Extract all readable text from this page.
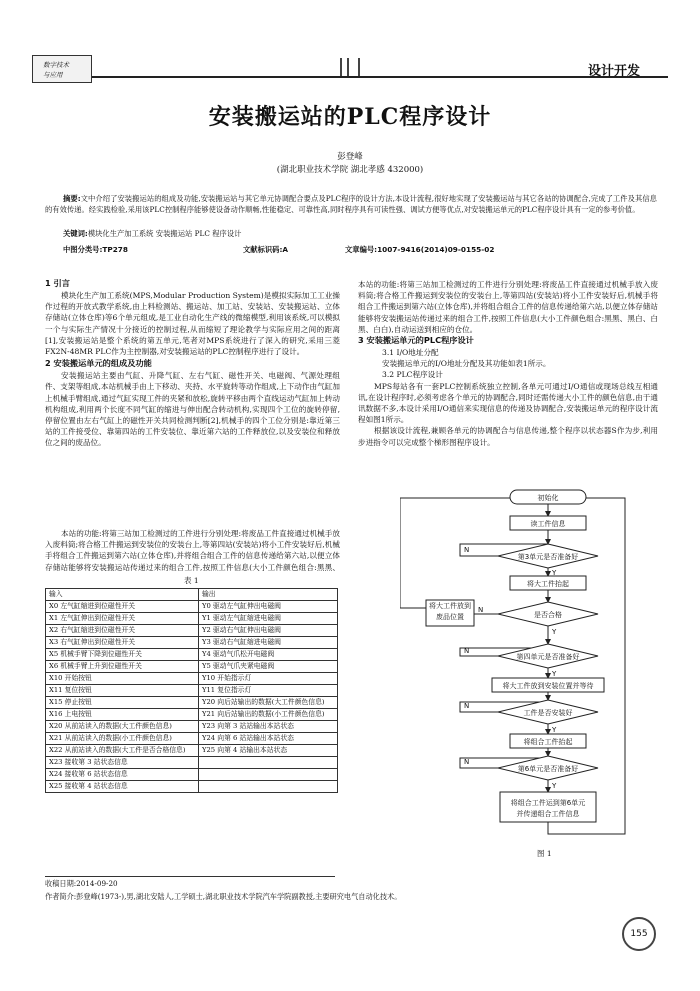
数字技术
与应用	设计开发
安装搬运站的PLC程序设计
彭登峰
(湖北职业技术学院 湖北孝感 432000)
摘要:文中介绍了安装搬运站的组成及功能,安装搬运站与其它单元协调配合要点及PLC程序的设计方法,本设计流程,很好地实现了安装搬运站与其它各站的协调配合,完成了工件及其信息的有效传递。经实践检验,采用该PLC控制程序能够使设备动作顺畅,性能稳定、可靠性高,同时程序具有可读性强、调试方便等优点,对安装搬运单元的PLC程序设计具有一定的参考价值。
关键词:模块化生产加工系统 安装搬运站 PLC 程序设计
中图分类号:TP278	文献标识码:A	文章编号:1007-9416(2014)09-0155-02
1 引言

模块化生产加工系统(MPS,Modular Production System)是模拟实际加工工业操作过程的开放式教学系统,由上料检测站、搬运站、加工站、安装站、安装搬运站、立体存储站(立体仓库)等6个单元组成,是工业自动化生产线的微缩模型,利用该系统,可以模拟一个与实际生产情况十分接近的控制过程,从而缩短了理论教学与实际应用之间的距离[1],安装搬运站是整个系统的第五单元,笔者对MPS系统进行了深入的研究,采用三菱FX2N-48MR PLC作为主控制器,对安装搬运站的PLC控制程序进行了设计。

2 安装搬运单元的组成及功能

安装搬运站主要由气缸、升降气缸、左右气缸、磁性开关、电磁阀、气源处理组件、支架等组成,本站机械手由上下移动、夹持、水平旋转等动作组成,上下动作由气缸加上机械手臂组成,通过气缸实现工件的夹紧和放松,旋转平移由两个直线运动气缸加上转动机构组成,利用两个长度不同气缸的缩进与伸出配合转动机构,实现四个工位的旋转停留,停留位置由左右气缸上的磁性开关共同检测判断[2],机械手的四个工位分别是:靠近第三站的工件接受位、靠第四站的工件安装位、靠近第六站的工件释放位,以及安装位和释放位之间的废品位。

本站的功能:将第三站加工检测过的工件进行分别处理:将废品工件直接通过机械手放入废料筒;将合格工件搬运到安装位的安装台上,等第四站(安装站)将小工件安装好后,机械手将组合工件搬运到第六站(立体仓库),并将组合组合工件的信息传递给第六站,以便立体存储站能够将安装搬运站传递过来的组合工件,按照工件信息(大小工件颜色组合:黑黑、

表 1
输入	输出
X0 左气缸缩进到位磁性开关	Y0 驱动左气缸伸出电磁阀
X1 左气缸伸出到位磁性开关	Y1 驱动左气缸缩进电磁阀
X2 右气缸缩进到位磁性开关	Y2 驱动右气缸伸出电磁阀
X3 右气缸伸出到位磁性开关	Y3 驱动右气缸缩进电磁阀
X5 机械手臂下降到位磁性开关	Y4 驱动气爪松开电磁阀
X6 机械手臂上升到位磁性开关	Y5 驱动气爪夹紧电磁阀
X10 开始按钮	Y10 开始指示灯
X11 复位按钮	Y11 复位指示灯
X15 停止按钮	Y20 向后站输出的数据(大工件颜色信息)
X16 上电按钮	Y21 向后站输出的数据(小工件颜色信息)
X20 从前站读入的数据(大工件颜色信息)	Y23 向第 3 站站输出本站状态
X21 从前站读入的数据(小工件颜色信息)	Y24 向第 6 站站输出本站状态
X22 从前站读入的数据(大工件是否合格信息)	Y25 向第 4 站输出本站状态
X23 接收第 3 站状态信息	
X24 接收第 6 站状态信息	
X25 接收第 4 站状态信息	
3 安装搬运单元的PLC程序设计

3.1 I/O地址分配

安装搬运单元的I/O地址分配及其功能如表1所示。

3.2 PLC程序设计

MPS每站各有一套PLC控制系统独立控制,各单元可通过I/O通信或现场总线互相通讯,在设计程序时,必须考虑各个单元的协调配合,同时还需传递大小工件的颜色信息,由于通讯数据不多,本设计采用I/O通信来实现信息的传递及协调配合,安装搬运单元的程序设计流程如图1所示。

根据该设计流程,兼顾各单元的协调配合与信息传递,整个程序以状态器S作为步,利用步进指令可以完成整个梯形图程序设计。

本站的功能:将第三站加工检测过的工件进行分别处理:将废品工件直接通过机械手放入废料筒;将合格工件搬运到安装位的安装台上,等第四站(安装站)将小工件安装好后,机械手将组合工件搬运到第六站(立体仓库),并将组合组合工件的信息传递给第六站,以便立体存储站能够将安装搬运站传递过来的组合工件,按照工件信息(大小工件颜色组合:黑黑、黑白、白黑、白白),自动运送到相应的仓位。

初始化
读工件信息
第3单元是否准备好
将大工件抬起
是否合格
将大工件放到废品位置
第四单元是否准备好
将大工件放到安装位置并等待
工件是否安装好
将组合工件抬起
第6单元是否准备好
将组合工件运到第6单元
并传递组合工件信息
N
Y
Y
N
N
Y
N
Y
N
Y
图 1
收稿日期:2014-09-20
作者简介:彭登峰(1973-),男,湖北安陆人,工学硕士,湖北职业技术学院汽车学院副教授,主要研究电气自动化技术。
155
